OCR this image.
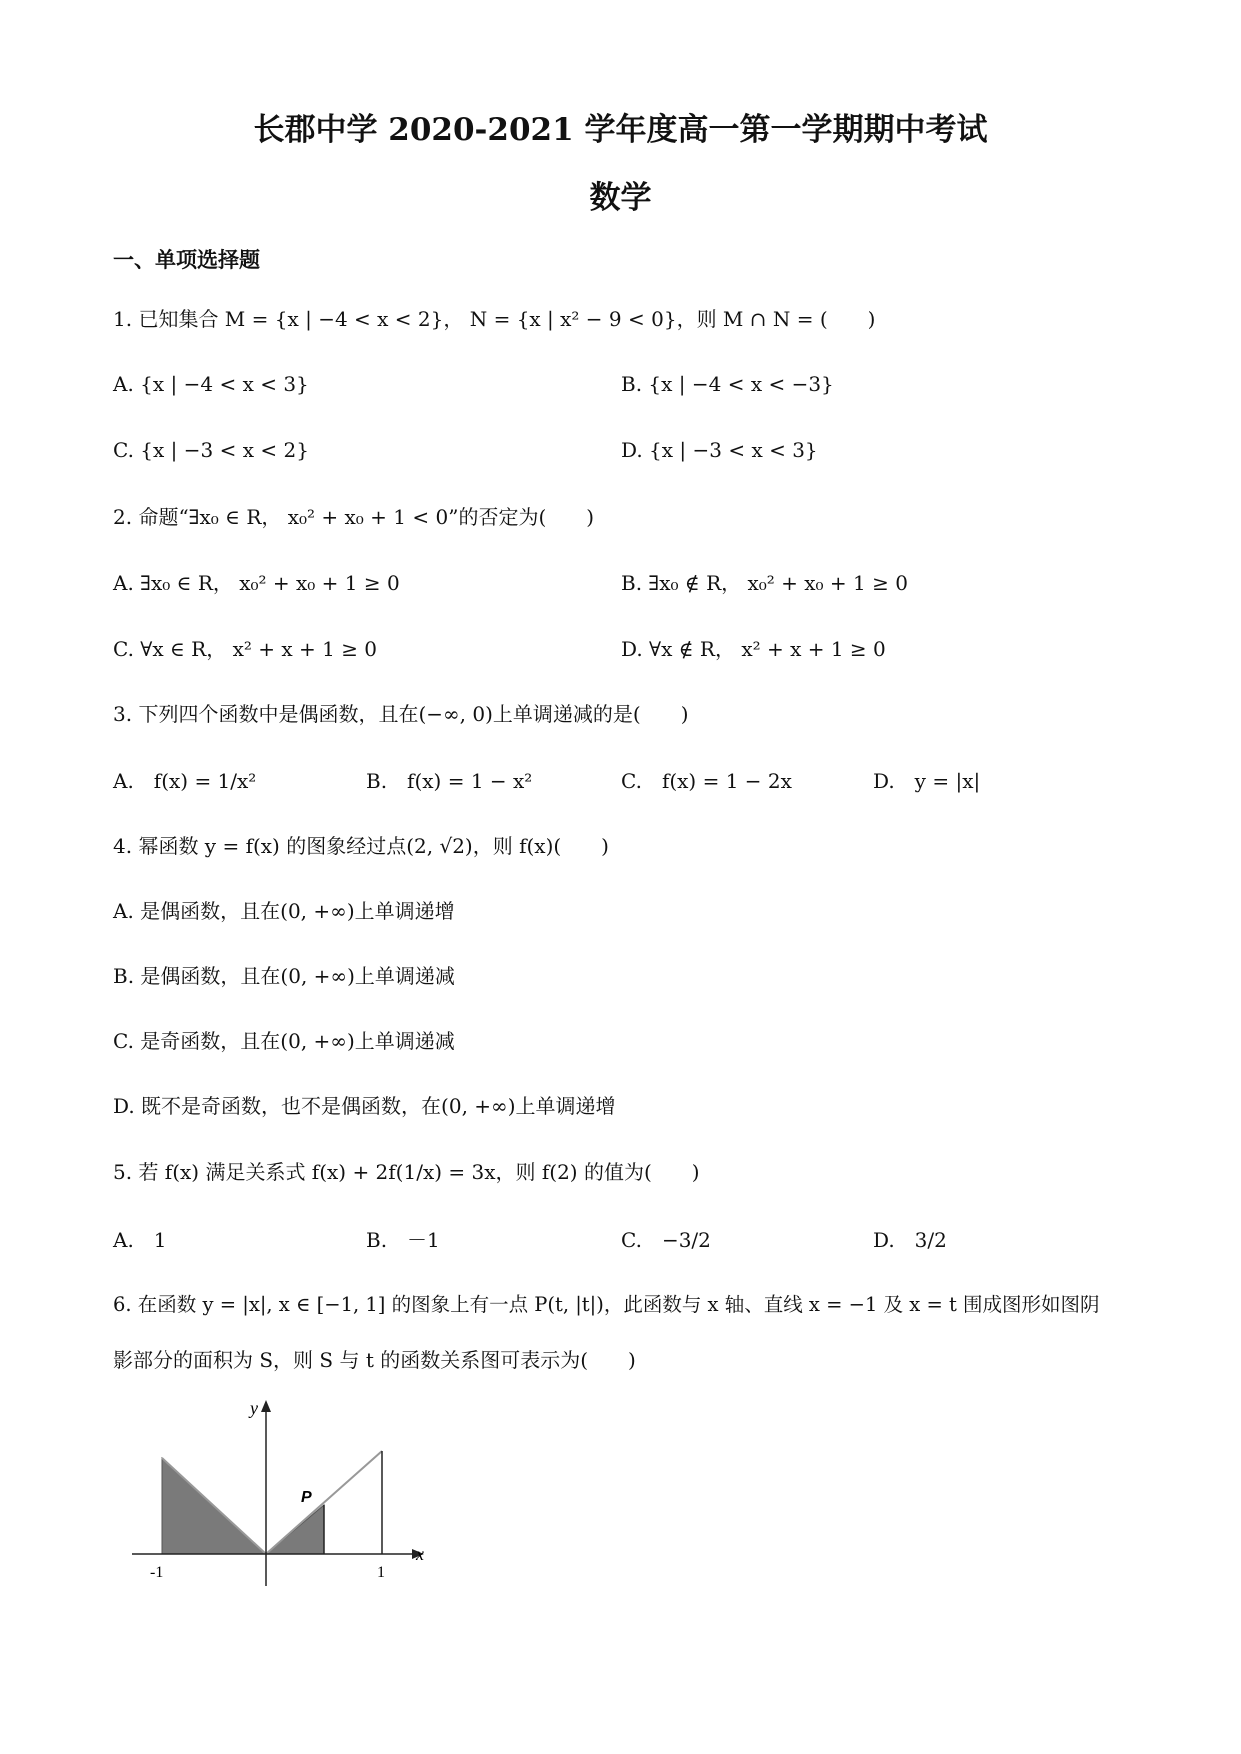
长郡中学 2020-2021 学年度高一第一学期期中考试
数学
一、单项选择题
1. 已知集合 M = {x | −4 < x < 2}， N = {x | x² − 9 < 0}，则 M ∩ N = (　　)
A. {x | −4 < x < 3}	B. {x | −4 < x < −3}
C. {x | −3 < x < 2}	D. {x | −3 < x < 3}
2. 命题“∃x₀ ∈ R， x₀² + x₀ + 1 < 0”的否定为(　　)
A. ∃x₀ ∈ R， x₀² + x₀ + 1 ≥ 0	B. ∃x₀ ∉ R， x₀² + x₀ + 1 ≥ 0
C. ∀x ∈ R， x² + x + 1 ≥ 0	D. ∀x ∉ R， x² + x + 1 ≥ 0
3. 下列四个函数中是偶函数，且在(−∞, 0)上单调递减的是(　　)
A.　f(x) = 1/x²	B.　f(x) = 1 − x²	C.　f(x) = 1 − 2x	D.　y = |x|
4. 幂函数 y = f(x) 的图象经过点(2, √2)，则 f(x)(　　)
A. 是偶函数，且在(0, +∞)上单调递增
B. 是偶函数，且在(0, +∞)上单调递减
C. 是奇函数，且在(0, +∞)上单调递减
D. 既不是奇函数，也不是偶函数，在(0, +∞)上单调递增
5. 若 f(x) 满足关系式 f(x) + 2f(1/x) = 3x，则 f(2) 的值为(　　)
A.　1	B.　－1	C.　−3/2	D.　3/2
6. 在函数 y = |x|, x ∈ [−1, 1] 的图象上有一点 P(t, |t|)，此函数与 x 轴、直线 x = −1 及 x = t 围成图形如图阴
影部分的面积为 S，则 S 与 t 的函数关系图可表示为(　　)
y
x
P
-1	1
